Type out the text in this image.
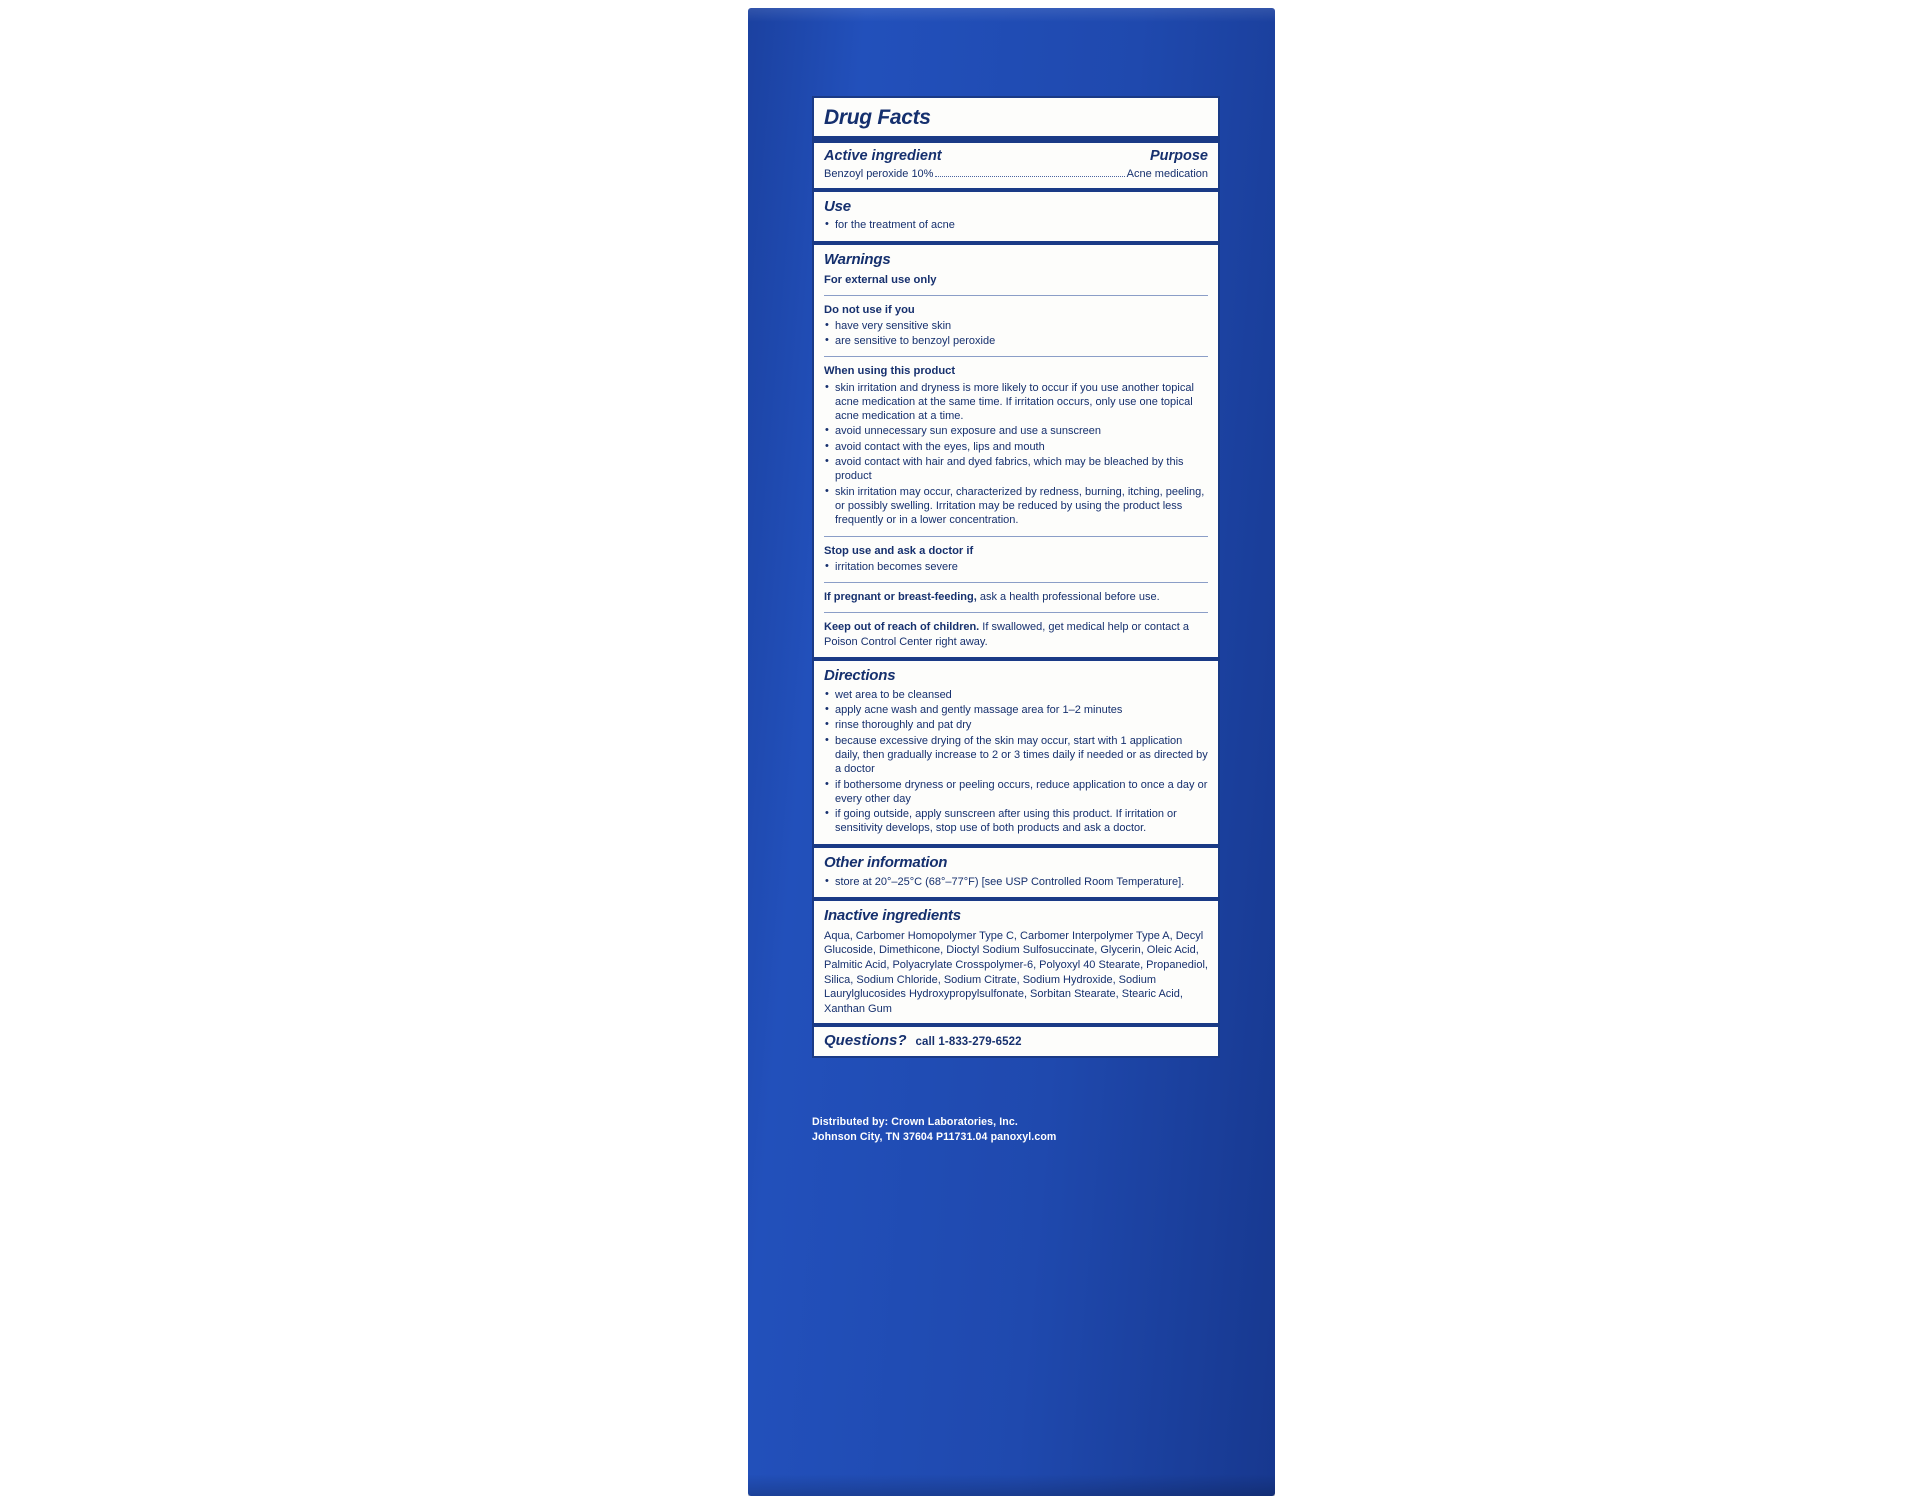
Drug Facts
Active ingredient	Purpose
Benzoyl peroxide 10%	Acne medication
Use
• for the treatment of acne
Warnings
For external use only
Do not use if you
• have very sensitive skin
• are sensitive to benzoyl peroxide
When using this product
• skin irritation and dryness is more likely to occur if you use another topical acne medication at the same time. If irritation occurs, only use one topical acne medication at a time.
• avoid unnecessary sun exposure and use a sunscreen
• avoid contact with the eyes, lips and mouth
• avoid contact with hair and dyed fabrics, which may be bleached by this product
• skin irritation may occur, characterized by redness, burning, itching, peeling, or possibly swelling. Irritation may be reduced by using the product less frequently or in a lower concentration.
Stop use and ask a doctor if
• irritation becomes severe

If pregnant or breast-feeding, ask a health professional before use.

Keep out of reach of children. If swallowed, get medical help or contact a Poison Control Center right away.

Directions
• wet area to be cleansed
• apply acne wash and gently massage area for 1–2 minutes
• rinse thoroughly and pat dry
• because excessive drying of the skin may occur, start with 1 application daily, then gradually increase to 2 or 3 times daily if needed or as directed by a doctor
• if bothersome dryness or peeling occurs, reduce application to once a day or every other day
• if going outside, apply sunscreen after using this product. If irritation or sensitivity develops, stop use of both products and ask a doctor.
Other information
• store at 20°–25°C (68°–77°F) [see USP Controlled Room Temperature].
Inactive ingredients
Aqua, Carbomer Homopolymer Type C, Carbomer Interpolymer Type A, Decyl Glucoside, Dimethicone, Dioctyl Sodium Sulfosuccinate, Glycerin, Oleic Acid, Palmitic Acid, Polyacrylate Crosspolymer-6, Polyoxyl 40 Stearate, Propanediol, Silica, Sodium Chloride, Sodium Citrate, Sodium Hydroxide, Sodium Laurylglucosides Hydroxypropylsulfonate, Sorbitan Stearate, Stearic Acid, Xanthan Gum
Questions? call 1-833-279-6522
Distributed by: Crown Laboratories, Inc.
Johnson City, TN 37604 P11731.04 panoxyl.com
